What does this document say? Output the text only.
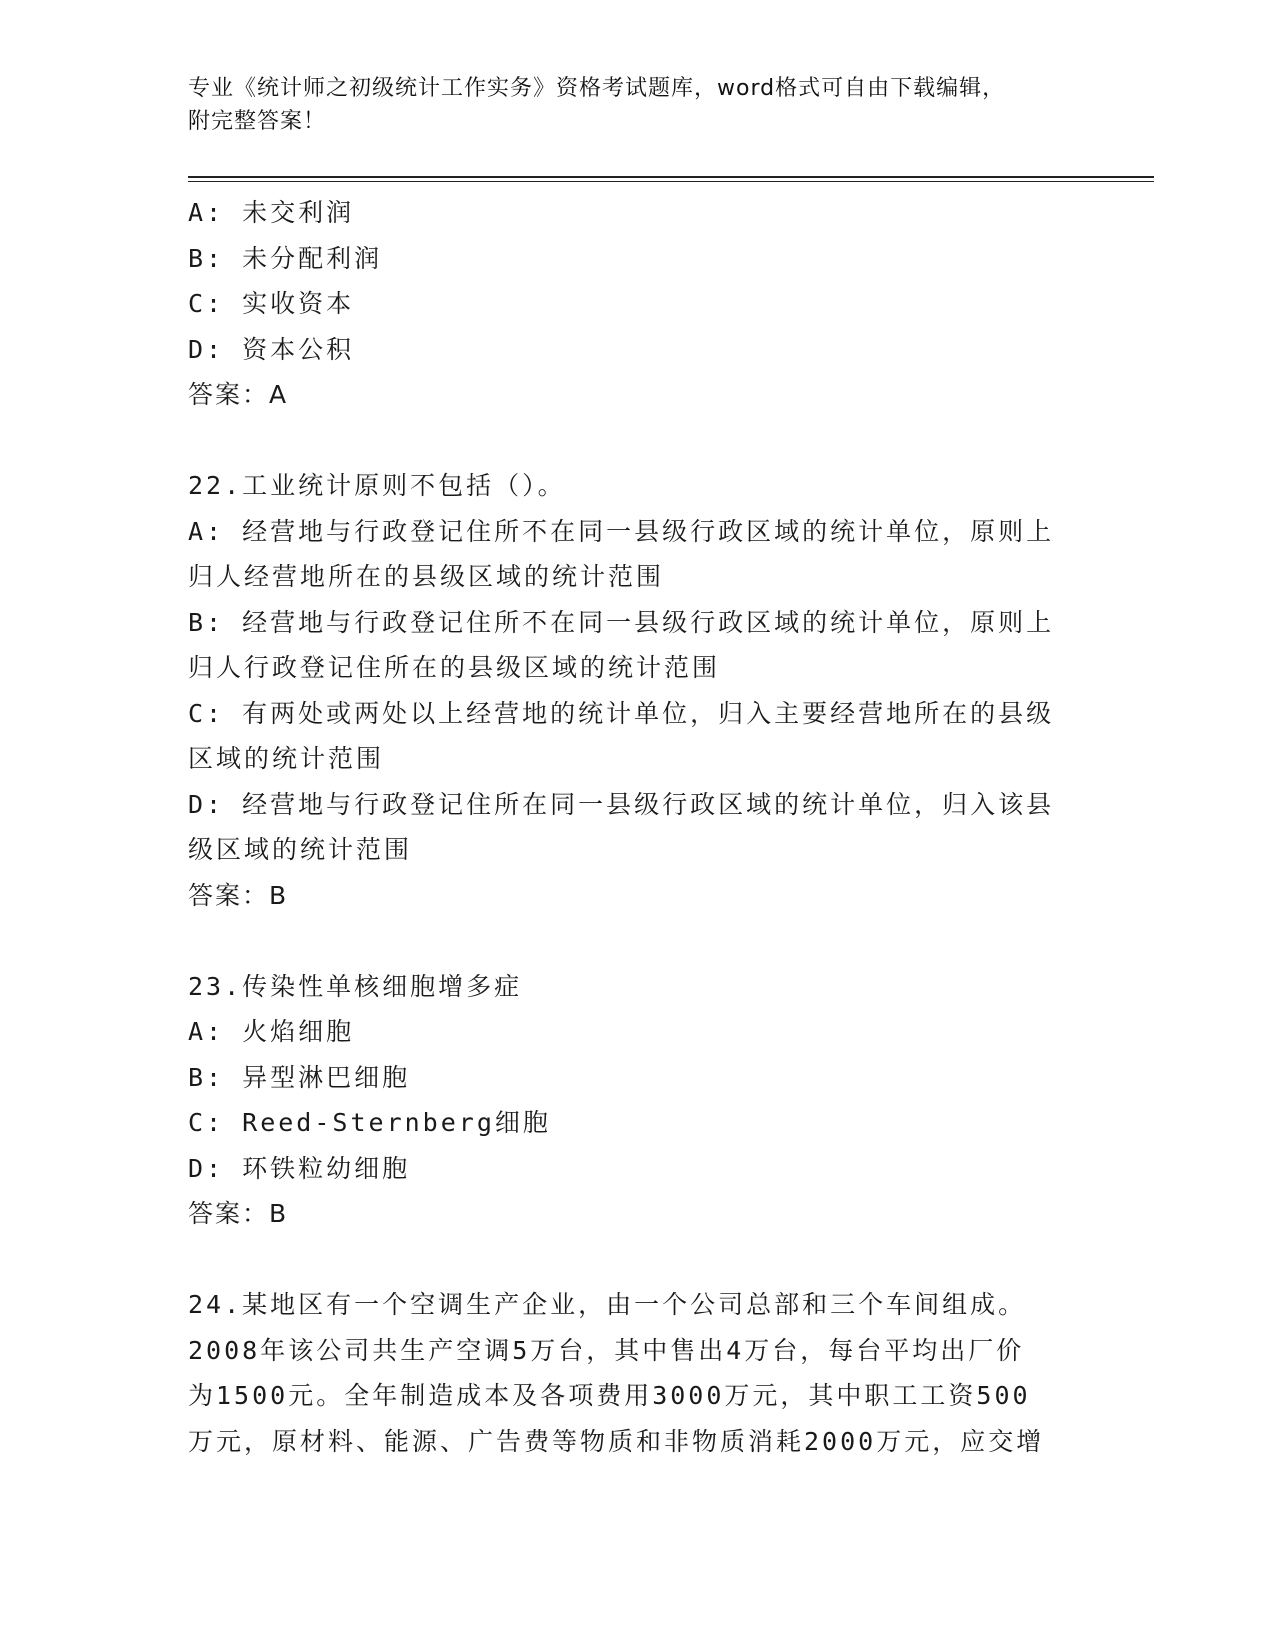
专业《统计师之初级统计工作实务》资格考试题库，word格式可自由下载编辑，
附完整答案！

A: 未交利润

B: 未分配利润

C: 实收资本

D: 资本公积

答案：A

22.工业统计原则不包括（）。

A: 经营地与行政登记住所不在同一县级行政区域的统计单位，原则上

归人经营地所在的县级区域的统计范围

B: 经营地与行政登记住所不在同一县级行政区域的统计单位，原则上

归人行政登记住所在的县级区域的统计范围

C: 有两处或两处以上经营地的统计单位，归入主要经营地所在的县级

区域的统计范围

D: 经营地与行政登记住所在同一县级行政区域的统计单位，归入该县

级区域的统计范围

答案：B

23.传染性单核细胞增多症

A: 火焰细胞

B: 异型淋巴细胞

C: Reed-Sternberg细胞

D: 环铁粒幼细胞

答案：B

24.某地区有一个空调生产企业，由一个公司总部和三个车间组成。

2008年该公司共生产空调5万台，其中售出4万台，每台平均出厂价

为1500元。全年制造成本及各项费用3000万元，其中职工工资500

万元，原材料、能源、广告费等物质和非物质消耗2000万元，应交增
